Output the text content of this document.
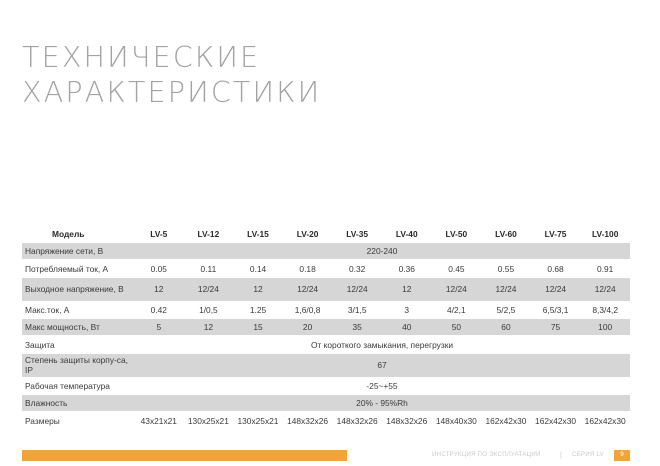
ТЕХНИЧЕСКИЕ
ХАРАКТЕРИСТИКИ
Модель	LV-5	LV-12	LV-15	LV-20	LV-35	LV-40	LV-50	LV-60	LV-75	LV-100
Напряжение сети, В	220-240									
Потребляемый ток, А	0.05	0.11	0.14	0.18	0.32	0.36	0.45	0.55	0.68	0.91
Выходное напряжение, В	12	12/24	12	12/24	12/24	12	12/24	12/24	12/24	12/24
Макс.ток, А	0.42	1/0,5	1.25	1,6/0,8	3/1,5	3	4/2,1	5/2,5	6,5/3,1	8,3/4,2
Макс мощность, Вт	5	12	15	20	35	40	50	60	75	100
Защита	От короткого замыкания, перегрузки									
Степень защиты корпу-са, IP	67									
Рабочая температура	-25~+55									
Влажность	20% - 95%Rh									
Размеры	43x21x21	130x25x21	130x25x21	148x32x26	148x32x26	148x32x26	148x40x30	162x42x30	162x42x30	162x42x30
ИНСТРУКЦИЯ ПО ЭКСПЛУАТАЦИИ	| СЕРИЯ LV	9
